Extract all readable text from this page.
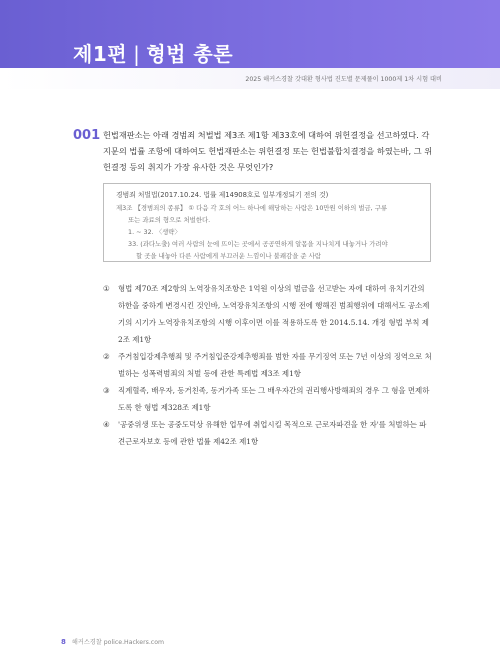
제1편 | 형법 총론
2025 해커스경찰 갓대환 형사법 진도별 문제풀이 1000제 1차 시험 대비
001 헌법재판소는 아래 경범죄 처벌법 제3조 제1항 제33호에 대하여 위헌결정을 선고하였다. 각 지문의 법률 조항에 대하여도 헌법재판소는 위헌결정 또는 헌법불합치결정을 하였는바, 그 위헌결정 등의 취지가 가장 유사한 것은 무엇인가?
경범죄 처벌법(2017.10.24. 법률 제14908호로 일부개정되기 전의 것)
제3조 【경범죄의 종류】 ① 다음 각 호의 어느 하나에 해당하는 사람은 10만원 이하의 벌금, 구류
또는 과료의 형으로 처벌한다.
1. ~ 32. 〈생략〉
33. (과다노출) 여러 사람의 눈에 뜨이는 곳에서 공공연하게 알몸을 지나치게 내놓거나 가려야
할 곳을 내놓아 다른 사람에게 부끄러운 느낌이나 불쾌감을 준 사람
① 형법 제70조 제2항의 노역장유치조항은 1억원 이상의 벌금을 선고받는 자에 대하여 유치기간의 하한을 중하게 변경시킨 것인바, 노역장유치조항의 시행 전에 행해진 범죄행위에 대해서도 공소제기의 시기가 노역장유치조항의 시행 이후이면 이를 적용하도록 한 2014.5.14. 개정 형법 부칙 제2조 제1항
② 주거침입강제추행죄 및 주거침입준강제추행죄를 범한 자를 무기징역 또는 7년 이상의 징역으로 처벌하는 성폭력범죄의 처벌 등에 관한 특례법 제3조 제1항
③ 직계혈족, 배우자, 동거친족, 동거가족 또는 그 배우자간의 권리행사방해죄의 경우 그 형을 면제하도록 한 형법 제328조 제1항
④ '공중위생 또는 공중도덕상 유해한 업무에 취업시킬 목적으로 근로자파견을 한 자'를 처벌하는 파견근로자보호 등에 관한 법률 제42조 제1항
8 해커스경찰 police.Hackers.com
